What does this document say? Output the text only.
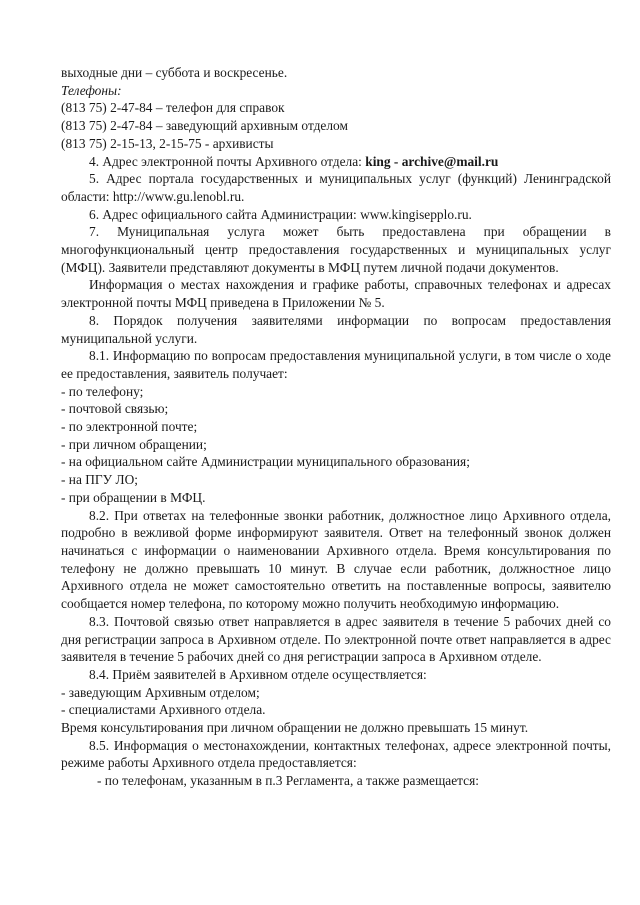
выходные дни – суббота и воскресенье.

Телефоны:

(813 75) 2-47-84 – телефон для справок

(813 75) 2-47-84 – заведующий архивным отделом

(813 75) 2-15-13, 2-15-75 - архивисты

4. Адрес электронной почты Архивного отдела: king - archive@mail.ru

5. Адрес портала государственных и муниципальных услуг (функций) Ленинградской области: http://www.gu.lenobl.ru.

6. Адрес официального сайта Администрации: www.kingisepplo.ru.

7. Муниципальная услуга может быть предоставлена при обращении в многофункциональный центр предоставления государственных и муниципальных услуг (МФЦ). Заявители представляют документы в МФЦ путем личной подачи документов.

Информация о местах нахождения и графике работы, справочных телефонах и адресах электронной почты МФЦ приведена в Приложении № 5.

8. Порядок получения заявителями информации по вопросам предоставления муниципальной услуги.

8.1. Информацию по вопросам предоставления муниципальной услуги, в том числе о ходе ее предоставления, заявитель получает:

- по телефону;

- почтовой связью;

- по электронной почте;

- при личном обращении;

- на официальном сайте Администрации муниципального образования;

- на ПГУ ЛО;

- при обращении в МФЦ.

8.2. При ответах на телефонные звонки работник, должностное лицо Архивного отдела, подробно в вежливой форме информируют заявителя. Ответ на телефонный звонок должен начинаться с информации о наименовании Архивного отдела. Время консультирования по телефону не должно превышать 10 минут. В случае если работник, должностное лицо Архивного отдела не может самостоятельно ответить на поставленные вопросы, заявителю сообщается номер телефона, по которому можно получить необходимую информацию.

8.3. Почтовой связью ответ направляется в адрес заявителя в течение 5 рабочих дней со дня регистрации запроса в Архивном отделе. По электронной почте ответ направляется в адрес заявителя в течение 5 рабочих дней со дня регистрации запроса в Архивном отделе.

8.4. Приём заявителей в Архивном отделе осуществляется:

- заведующим Архивным отделом;

- специалистами Архивного отдела.

Время консультирования при личном обращении не должно превышать 15 минут.

8.5. Информация о местонахождении, контактных телефонах, адресе электронной почты, режиме работы Архивного отдела предоставляется:

- по телефонам, указанным в п.3 Регламента, а также размещается:
